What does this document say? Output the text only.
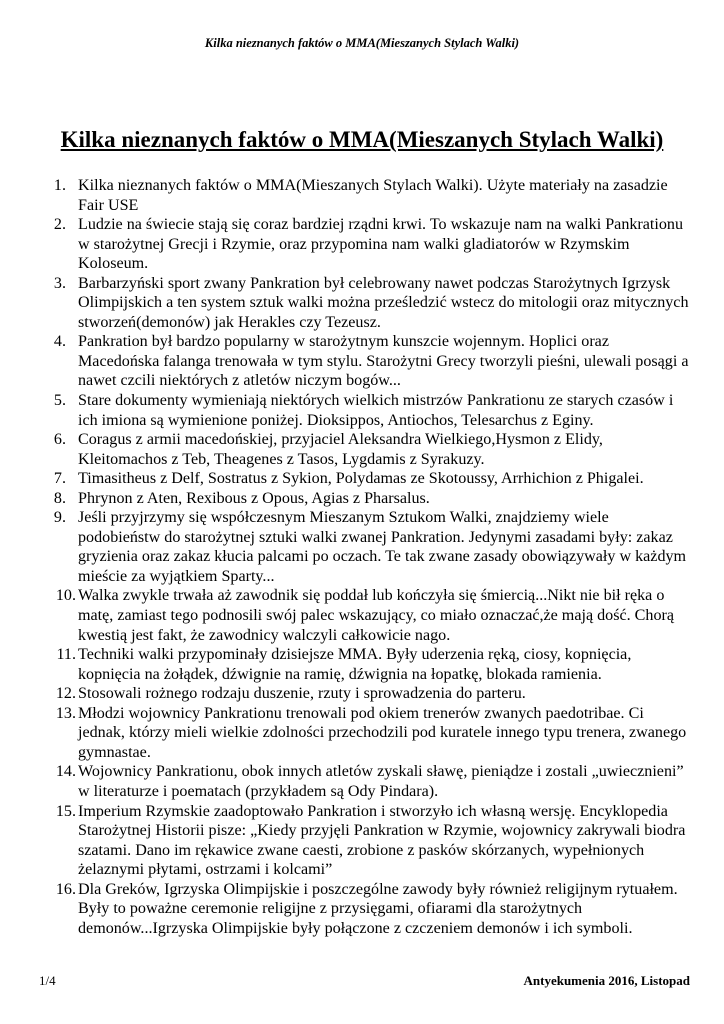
Kilka nieznanych faktów o MMA(Mieszanych Stylach Walki)
Kilka nieznanych faktów o MMA(Mieszanych Stylach Walki)
1. Kilka nieznanych faktów o MMA(Mieszanych Stylach Walki). Użyte materiały na zasadzie Fair USE
2. Ludzie na świecie stają się coraz bardziej rządni krwi. To wskazuje nam na walki Pankrationu w starożytnej Grecji i Rzymie, oraz przypomina nam walki gladiatorów w Rzymskim Koloseum.
3. Barbarzyński sport zwany Pankration był celebrowany nawet podczas Starożytnych Igrzysk Olimpijskich a ten system sztuk walki można prześledzić wstecz do mitologii oraz mitycznych stworzeń(demonów) jak Herakles czy Tezeusz.
4. Pankration był bardzo popularny w starożytnym kunszcie wojennym. Hoplici oraz Macedońska falanga trenowała w tym stylu. Starożytni Grecy tworzyli pieśni, ulewali posągi a nawet czcili niektórych z atletów niczym bogów...
5. Stare dokumenty wymieniają niektórych wielkich mistrzów Pankrationu ze starych czasów i ich imiona są wymienione poniżej. Dioksippos, Antiochos, Telesarchus z Eginy.
6. Coragus z armii macedońskiej, przyjaciel Aleksandra Wielkiego,Hysmon z Elidy, Kleitomachos z Teb, Theagenes z Tasos, Lygdamis z Syrakuzy.
7. Timasitheus z Delf, Sostratus z Sykion, Polydamas ze Skotoussy, Arrhichion z Phigalei.
8. Phrynon z Aten, Rexibous z Opous, Agias z Pharsalus.
9. Jeśli przyjrzymy się współczesnym Mieszanym Sztukom Walki, znajdziemy wiele podobieństw do starożytnej sztuki walki zwanej Pankration. Jedynymi zasadami były: zakaz gryzienia oraz zakaz kłucia palcami po oczach. Te tak zwane zasady obowiązywały w każdym mieście za wyjątkiem Sparty...
10. Walka zwykle trwała aż zawodnik się poddał lub kończyła się śmiercią...Nikt nie bił ręka o matę, zamiast tego podnosili swój palec wskazujący, co miało oznaczać,że mają dość. Chorą kwestią jest fakt, że zawodnicy walczyli całkowicie nago.
11. Techniki walki przypominały dzisiejsze MMA. Były uderzenia ręką, ciosy, kopnięcia, kopnięcia na żołądek, dźwignie na ramię, dźwignia na łopatkę, blokada ramienia.
12. Stosowali rożnego rodzaju duszenie, rzuty i sprowadzenia do parteru.
13. Młodzi wojownicy Pankrationu trenowali pod okiem trenerów zwanych paedotribae. Ci jednak, którzy mieli wielkie zdolności przechodzili pod kuratele innego typu trenera, zwanego gymnastae.
14. Wojownicy Pankrationu, obok innych atletów zyskali sławę, pieniądze i zostali „uwiecznieni” w literaturze i poematach (przykładem są Ody Pindara).
15. Imperium Rzymskie zaadoptowało Pankration i stworzyło ich własną wersję. Encyklopedia Starożytnej Historii pisze: „Kiedy przyjęli Pankration w Rzymie, wojownicy zakrywali biodra szatami. Dano im rękawice zwane caesti, zrobione z pasków skórzanych, wypełnionych żelaznymi płytami, ostrzami i kolcami”
16. Dla Greków, Igrzyska Olimpijskie i poszczególne zawody były również religijnym rytuałem. Były to poważne ceremonie religijne z przysięgami, ofiarami dla starożytnych demonów...Igrzyska Olimpijskie były połączone z czczeniem demonów i ich symboli.
1/4	Antyekumenia 2016, Listopad
